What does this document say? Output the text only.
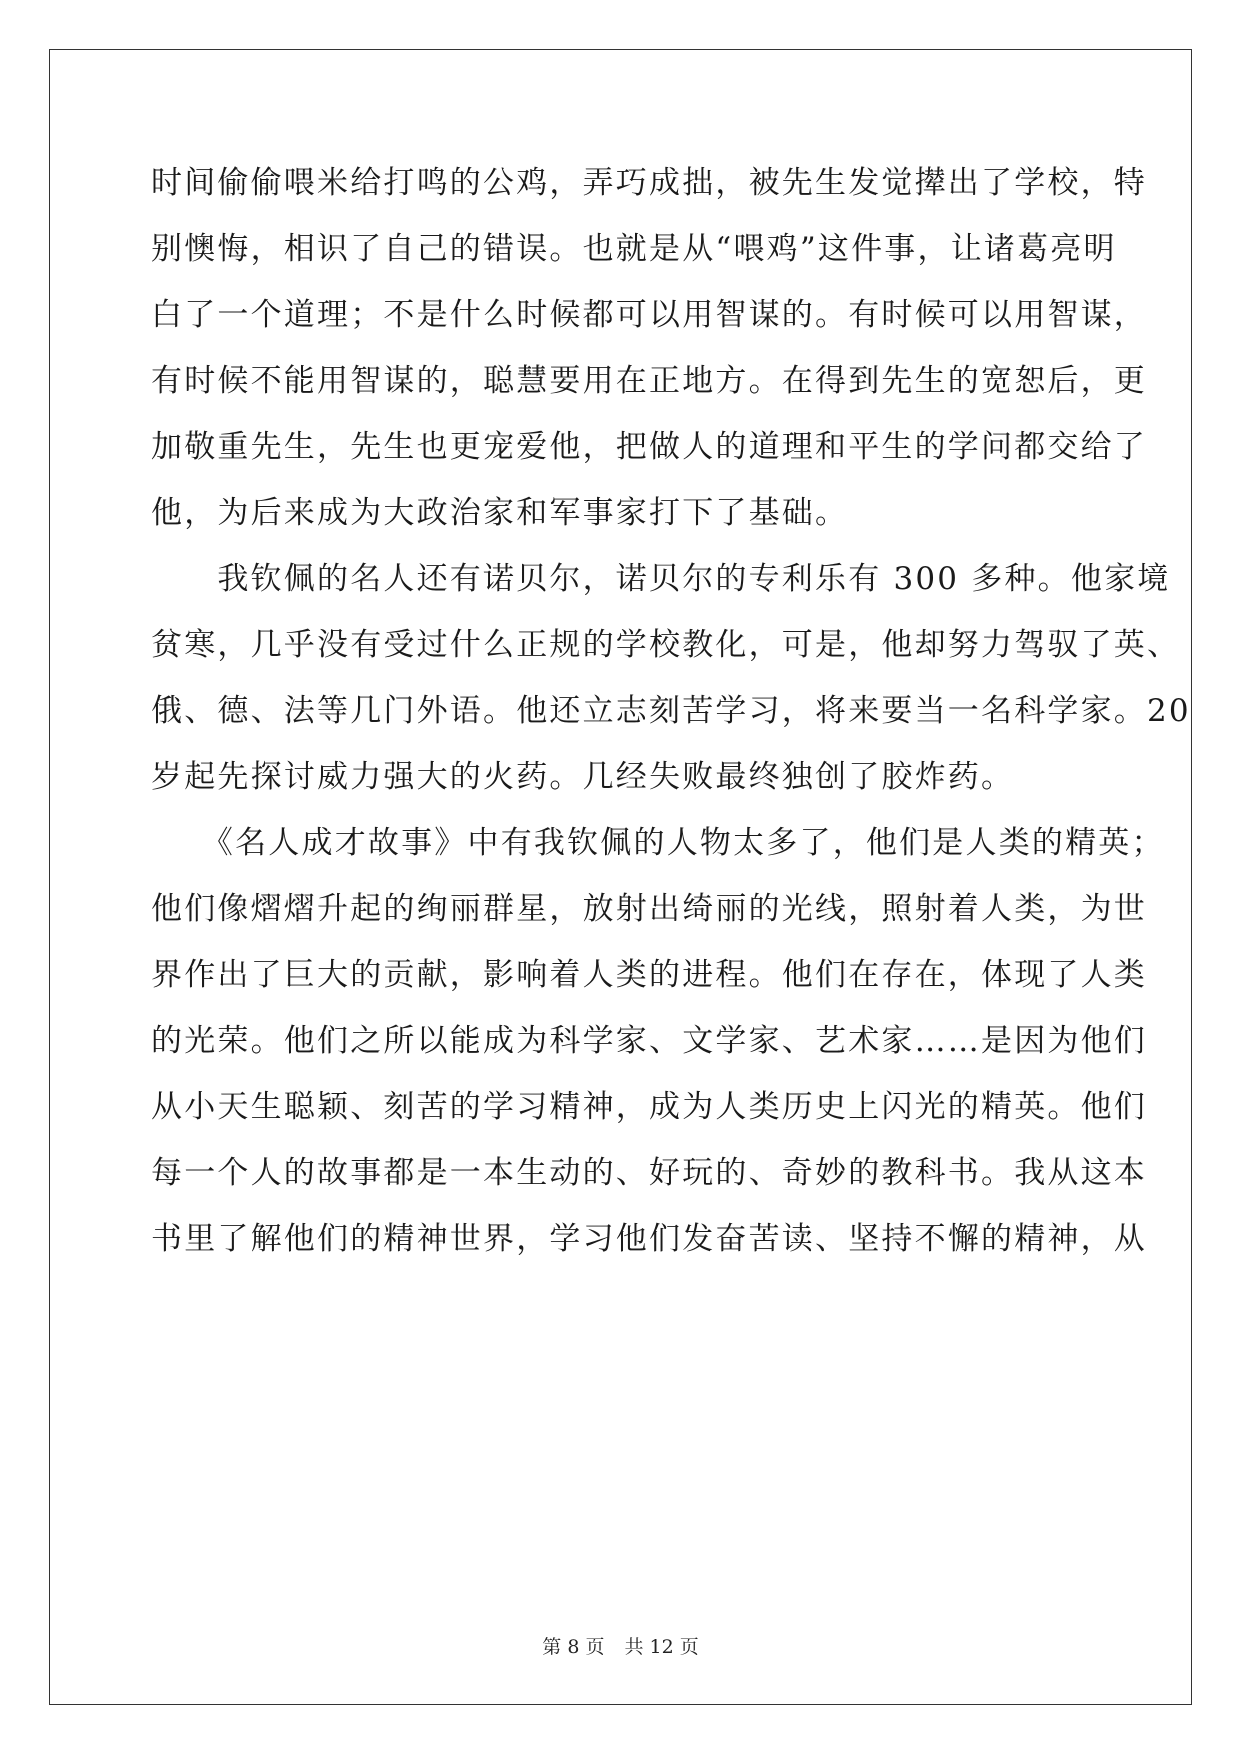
时间偷偷喂米给打鸣的公鸡，弄巧成拙，被先生发觉撵出了学校，特
别懊悔，相识了自己的错误。也就是从“喂鸡”这件事，让诸葛亮明
白了一个道理；不是什么时候都可以用智谋的。有时候可以用智谋，
有时候不能用智谋的，聪慧要用在正地方。在得到先生的宽恕后，更
加敬重先生，先生也更宠爱他，把做人的道理和平生的学问都交给了
他，为后来成为大政治家和军事家打下了基础。
　　我钦佩的名人还有诺贝尔，诺贝尔的专利乐有 300 多种。他家境
贫寒，几乎没有受过什么正规的学校教化，可是，他却努力驾驭了英、
俄、德、法等几门外语。他还立志刻苦学习，将来要当一名科学家。20
岁起先探讨威力强大的火药。几经失败最终独创了胶炸药。
　　《名人成才故事》中有我钦佩的人物太多了，他们是人类的精英；
他们像熠熠升起的绚丽群星，放射出绮丽的光线，照射着人类，为世
界作出了巨大的贡献，影响着人类的进程。他们在存在，体现了人类
的光荣。他们之所以能成为科学家、文学家、艺术家……是因为他们
从小天生聪颖、刻苦的学习精神，成为人类历史上闪光的精英。他们
每一个人的故事都是一本生动的、好玩的、奇妙的教科书。我从这本
书里了解他们的精神世界，学习他们发奋苦读、坚持不懈的精神，从
第 8 页 共 12 页
